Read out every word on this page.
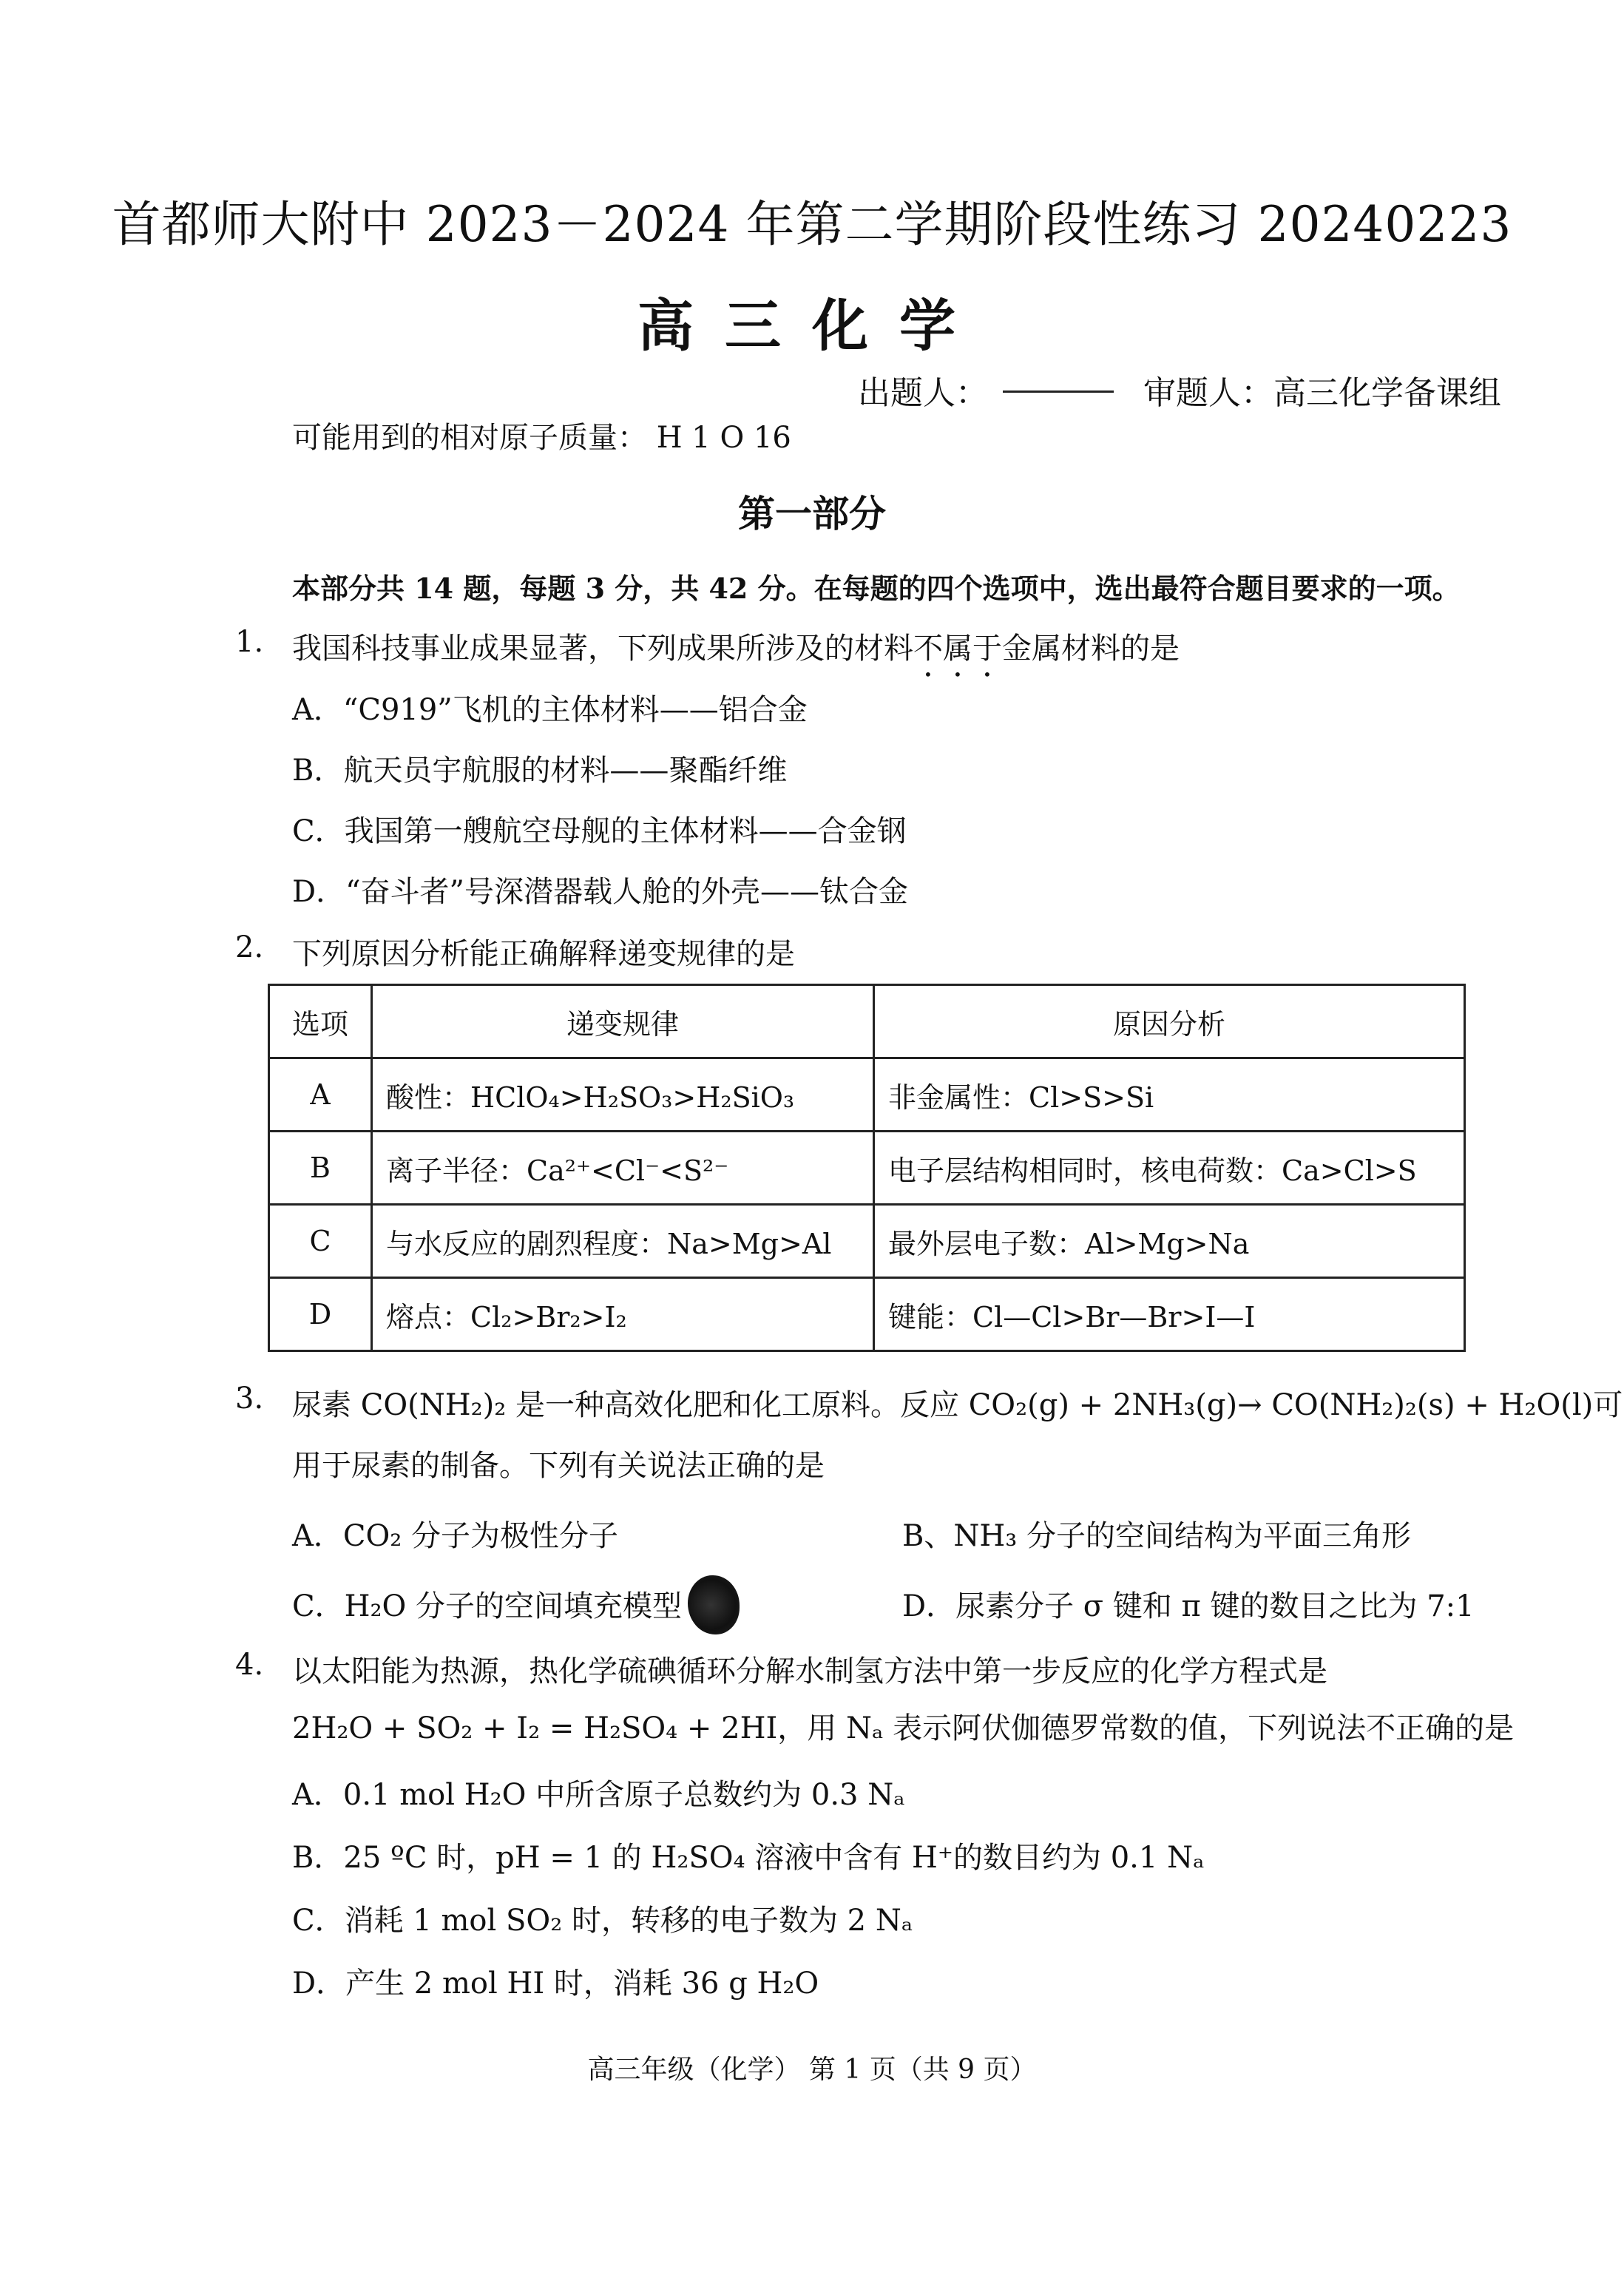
首都师大附中 2023－2024 年第二学期阶段性练习 20240223
高三化学
出题人：	审题人：高三化学备课组
可能用到的相对原子质量： H 1 O 16
第一部分
本部分共 14 题，每题 3 分，共 42 分。在每题的四个选项中，选出最符合题目要求的一项。
1. 我国科技事业成果显著，下列成果所涉及的材料不属于金属材料的是
A．“C919”飞机的主体材料——铝合金
B．航天员宇航服的材料——聚酯纤维
C．我国第一艘航空母舰的主体材料——合金钢
D．“奋斗者”号深潜器载人舱的外壳——钛合金
2. 下列原因分析能正确解释递变规律的是
选项	递变规律	原因分析
A	酸性：HClO₄>H₂SO₃>H₂SiO₃	非金属性：Cl>S>Si
B	离子半径：Ca²⁺<Cl⁻<S²⁻	电子层结构相同时，核电荷数：Ca>Cl>S
C	与水反应的剧烈程度：Na>Mg>Al	最外层电子数：Al>Mg>Na
D	熔点：Cl₂>Br₂>I₂	键能：Cl—Cl>Br—Br>I—I
3. 尿素 CO(NH₂)₂ 是一种高效化肥和化工原料。反应 CO₂(g) + 2NH₃(g)→ CO(NH₂)₂(s) + H₂O(l)可
用于尿素的制备。下列有关说法正确的是
A．CO₂ 分子为极性分子	B、NH₃ 分子的空间结构为平面三角形
C．H₂O 分子的空间填充模型	D．尿素分子 σ 键和 π 键的数目之比为 7:1
4. 以太阳能为热源，热化学硫碘循环分解水制氢方法中第一步反应的化学方程式是
2H₂O + SO₂ + I₂ = H₂SO₄ + 2HI，用 Nₐ 表示阿伏伽德罗常数的值，下列说法不正确的是
A．0.1 mol H₂O 中所含原子总数约为 0.3 Nₐ
B．25 ºC 时，pH = 1 的 H₂SO₄ 溶液中含有 H⁺的数目约为 0.1 Nₐ
C．消耗 1 mol SO₂ 时，转移的电子数为 2 Nₐ
D．产生 2 mol HI 时，消耗 36 g H₂O
高三年级（化学） 第 1 页（共 9 页）
